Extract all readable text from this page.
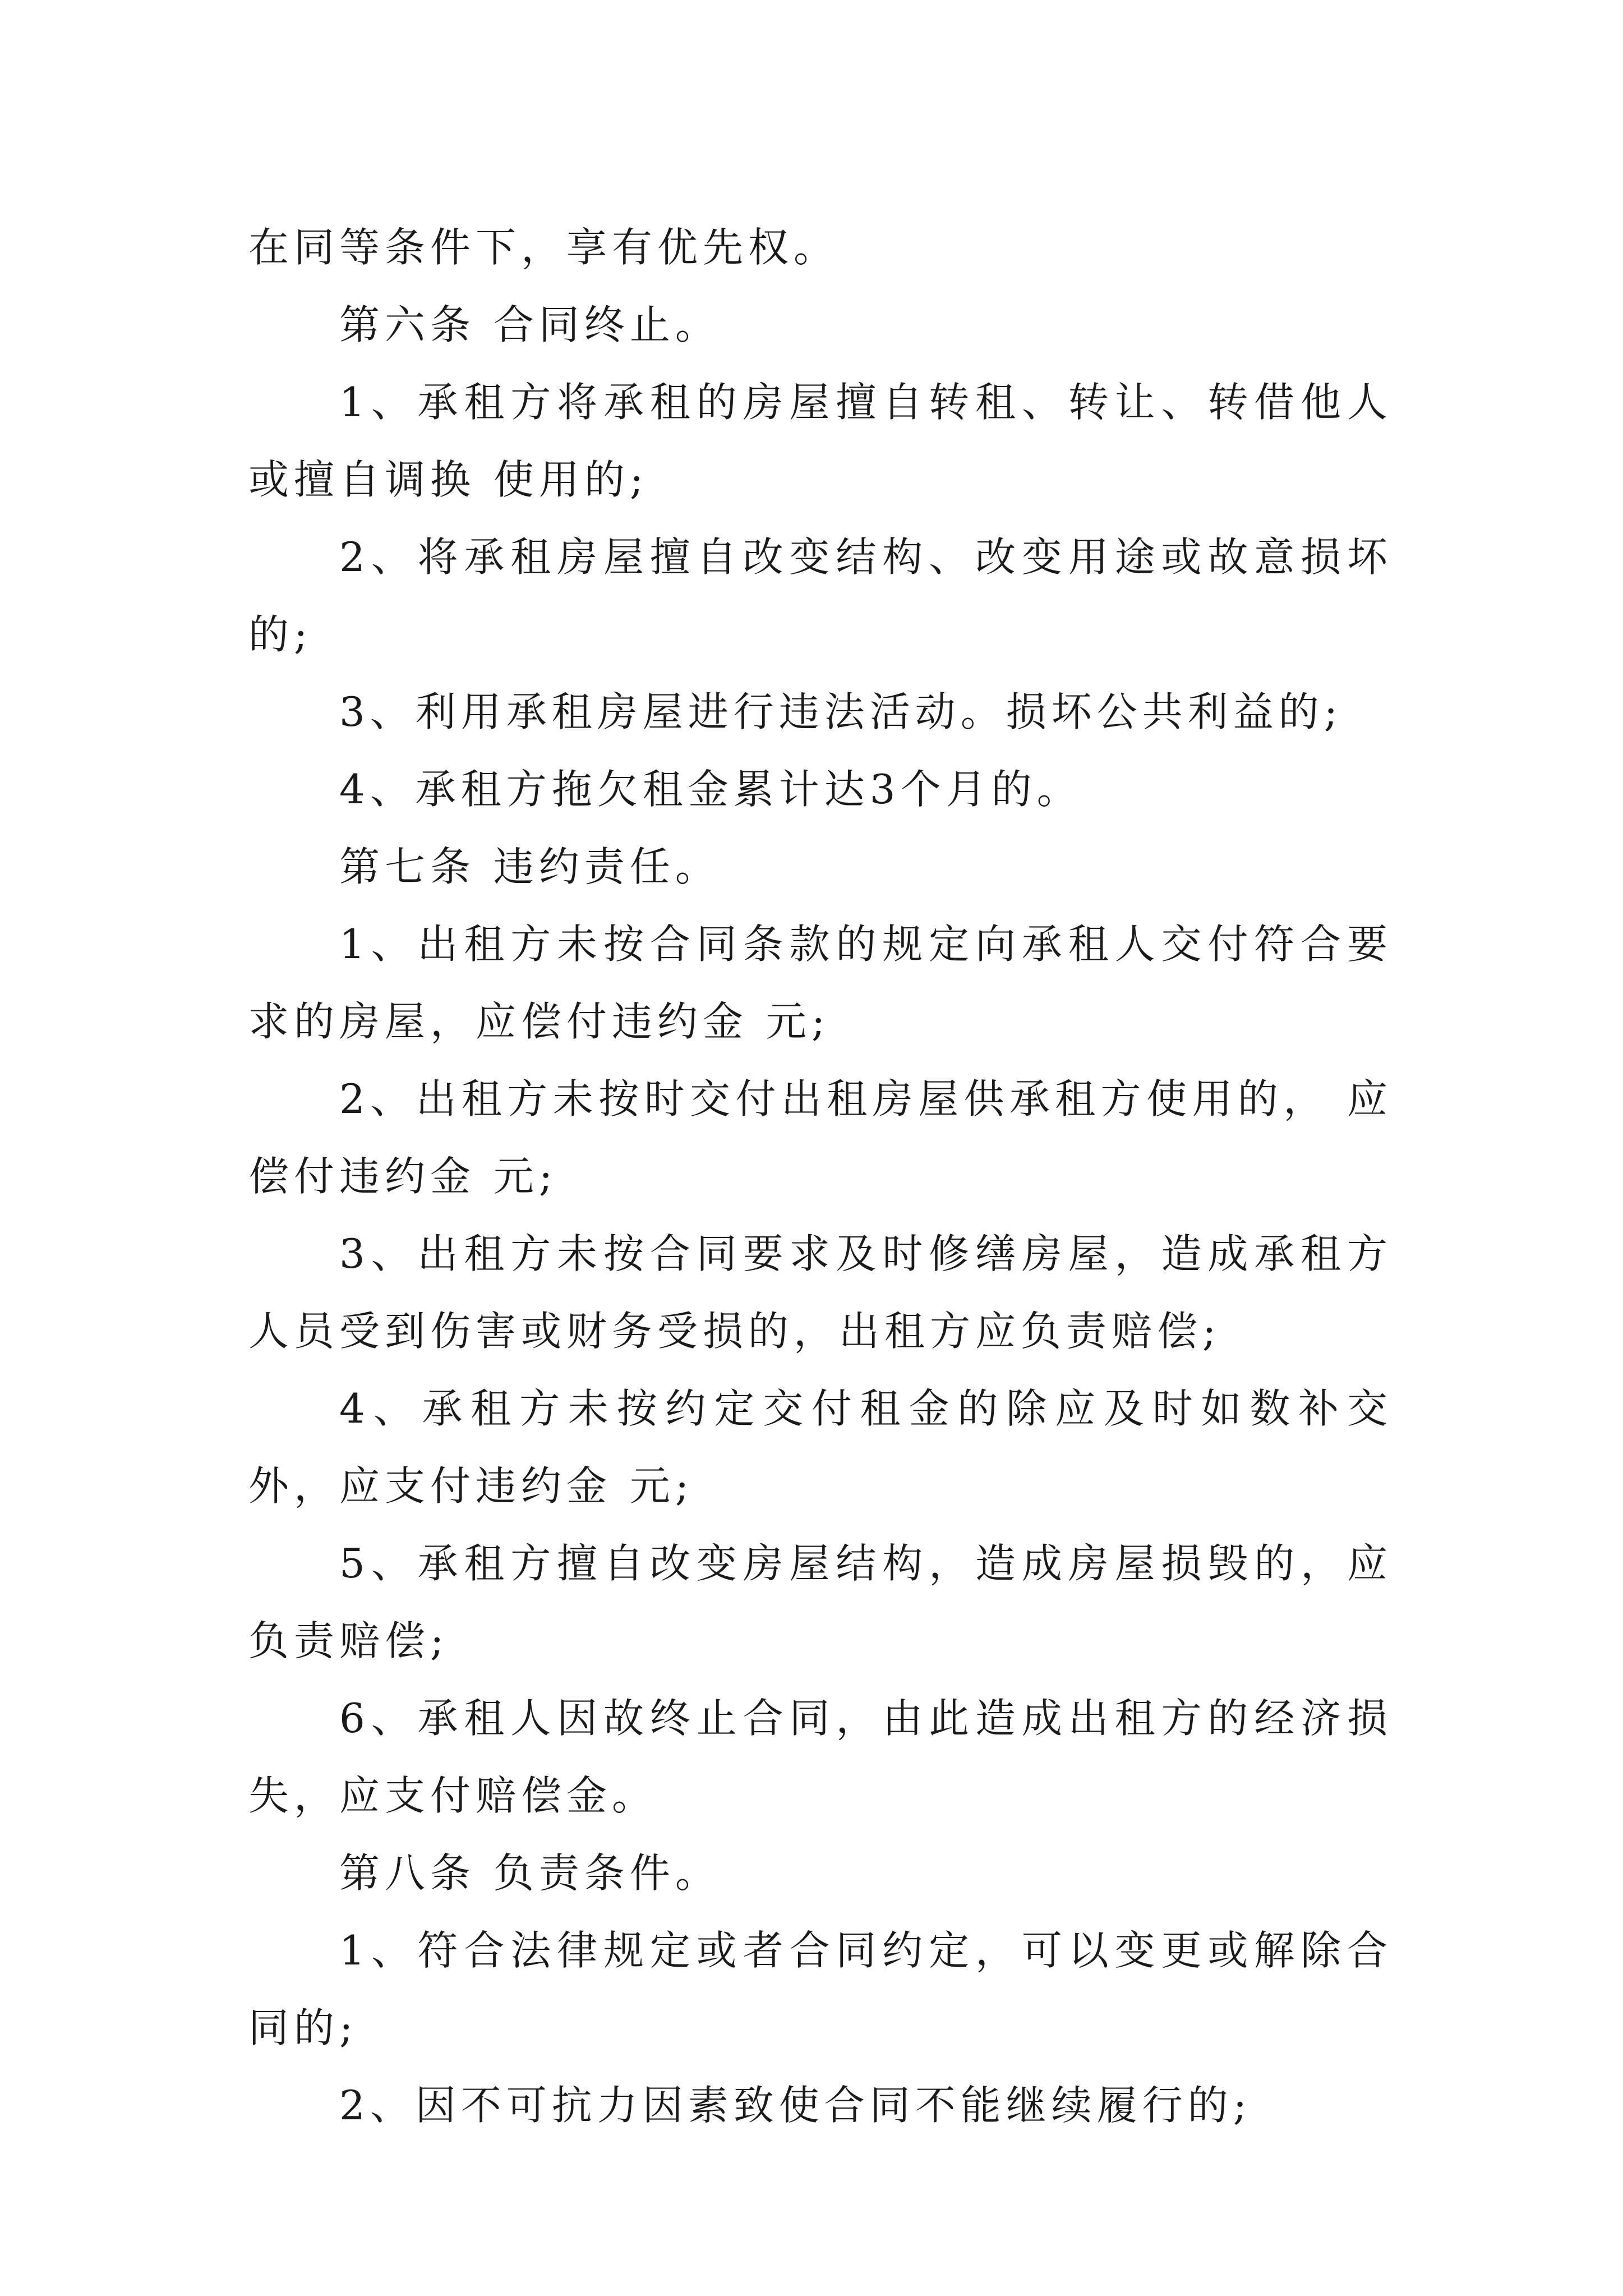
在同等条件下，享有优先权。

第六条 合同终止。

1、承租方将承租的房屋擅自转租、转让、转借他人或擅自调换 使用的;

2、将承租房屋擅自改变结构、改变用途或故意损坏的;

3、利用承租房屋进行违法活动。损坏公共利益的;

4、承租方拖欠租金累计达3个月的。

第七条 违约责任。

1、出租方未按合同条款的规定向承租人交付符合要求的房屋，应偿付违约金 元;

2、出租方未按时交付出租房屋供承租方使用的， 应偿付违约金 元;

3、出租方未按合同要求及时修缮房屋，造成承租方人员受到伤害或财务受损的，出租方应负责赔偿;

4、承租方未按约定交付租金的除应及时如数补交外，应支付违约金 元;

5、承租方擅自改变房屋结构，造成房屋损毁的，应负责赔偿;

6、承租人因故终止合同，由此造成出租方的经济损失，应支付赔偿金。

第八条 负责条件。

1、符合法律规定或者合同约定，可以变更或解除合同的;

2、因不可抗力因素致使合同不能继续履行的;
